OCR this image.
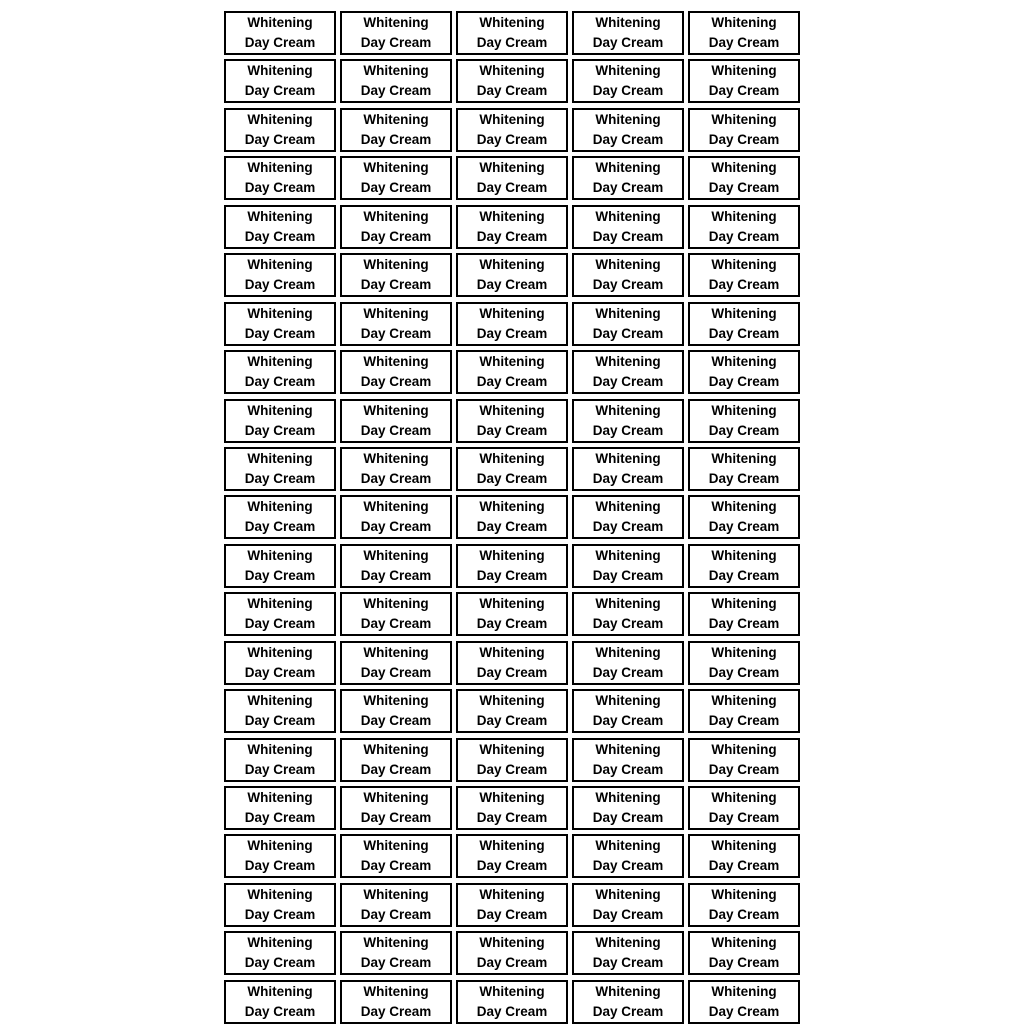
Whitening
Day Cream
Whitening
Day Cream
Whitening
Day Cream
Whitening
Day Cream
Whitening
Day Cream
Whitening
Day Cream
Whitening
Day Cream
Whitening
Day Cream
Whitening
Day Cream
Whitening
Day Cream
Whitening
Day Cream
Whitening
Day Cream
Whitening
Day Cream
Whitening
Day Cream
Whitening
Day Cream
Whitening
Day Cream
Whitening
Day Cream
Whitening
Day Cream
Whitening
Day Cream
Whitening
Day Cream
Whitening
Day Cream
Whitening
Day Cream
Whitening
Day Cream
Whitening
Day Cream
Whitening
Day Cream
Whitening
Day Cream
Whitening
Day Cream
Whitening
Day Cream
Whitening
Day Cream
Whitening
Day Cream
Whitening
Day Cream
Whitening
Day Cream
Whitening
Day Cream
Whitening
Day Cream
Whitening
Day Cream
Whitening
Day Cream
Whitening
Day Cream
Whitening
Day Cream
Whitening
Day Cream
Whitening
Day Cream
Whitening
Day Cream
Whitening
Day Cream
Whitening
Day Cream
Whitening
Day Cream
Whitening
Day Cream
Whitening
Day Cream
Whitening
Day Cream
Whitening
Day Cream
Whitening
Day Cream
Whitening
Day Cream
Whitening
Day Cream
Whitening
Day Cream
Whitening
Day Cream
Whitening
Day Cream
Whitening
Day Cream
Whitening
Day Cream
Whitening
Day Cream
Whitening
Day Cream
Whitening
Day Cream
Whitening
Day Cream
Whitening
Day Cream
Whitening
Day Cream
Whitening
Day Cream
Whitening
Day Cream
Whitening
Day Cream
Whitening
Day Cream
Whitening
Day Cream
Whitening
Day Cream
Whitening
Day Cream
Whitening
Day Cream
Whitening
Day Cream
Whitening
Day Cream
Whitening
Day Cream
Whitening
Day Cream
Whitening
Day Cream
Whitening
Day Cream
Whitening
Day Cream
Whitening
Day Cream
Whitening
Day Cream
Whitening
Day Cream
Whitening
Day Cream
Whitening
Day Cream
Whitening
Day Cream
Whitening
Day Cream
Whitening
Day Cream
Whitening
Day Cream
Whitening
Day Cream
Whitening
Day Cream
Whitening
Day Cream
Whitening
Day Cream
Whitening
Day Cream
Whitening
Day Cream
Whitening
Day Cream
Whitening
Day Cream
Whitening
Day Cream
Whitening
Day Cream
Whitening
Day Cream
Whitening
Day Cream
Whitening
Day Cream
Whitening
Day Cream
Whitening
Day Cream
Whitening
Day Cream
Whitening
Day Cream
Whitening
Day Cream
Whitening
Day Cream
